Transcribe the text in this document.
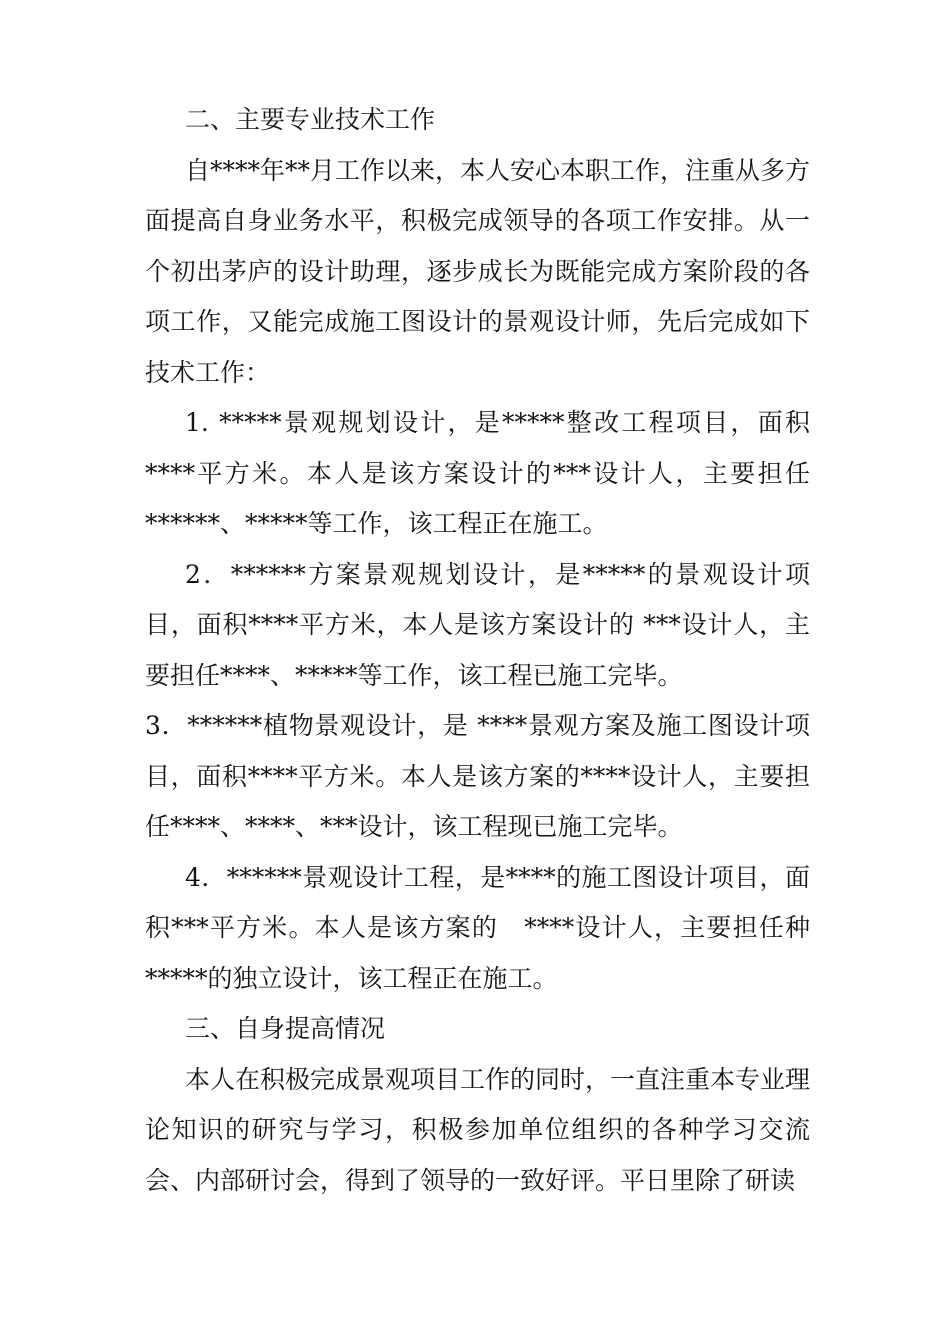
二、主要专业技术工作

自****年**月工作以来，本人安心本职工作，注重从多方面提高自身业务水平，积极完成领导的各项工作安排。从一个初出茅庐的设计助理，逐步成长为既能完成方案阶段的各项工作，又能完成施工图设计的景观设计师，先后完成如下技术工作：

1. *****景观规划设计，是*****整改工程项目，面积****平方米。本人是该方案设计的***设计人，主要担任******、*****等工作，该工程正在施工。

2．******方案景观规划设计，是*****的景观设计项目，面积****平方米，本人是该方案设计的 ***设计人，主要担任****、*****等工作，该工程已施工完毕。

3．******植物景观设计，是 ****景观方案及施工图设计项目，面积****平方米。本人是该方案的****设计人，主要担任****、****、***设计，该工程现已施工完毕。

4．******景观设计工程，是****的施工图设计项目，面积***平方米。本人是该方案的　****设计人，主要担任种*****的独立设计，该工程正在施工。

三、自身提高情况

本人在积极完成景观项目工作的同时，一直注重本专业理论知识的研究与学习，积极参加单位组织的各种学习交流会、内部研讨会，得到了领导的一致好评。平日里除了研读
